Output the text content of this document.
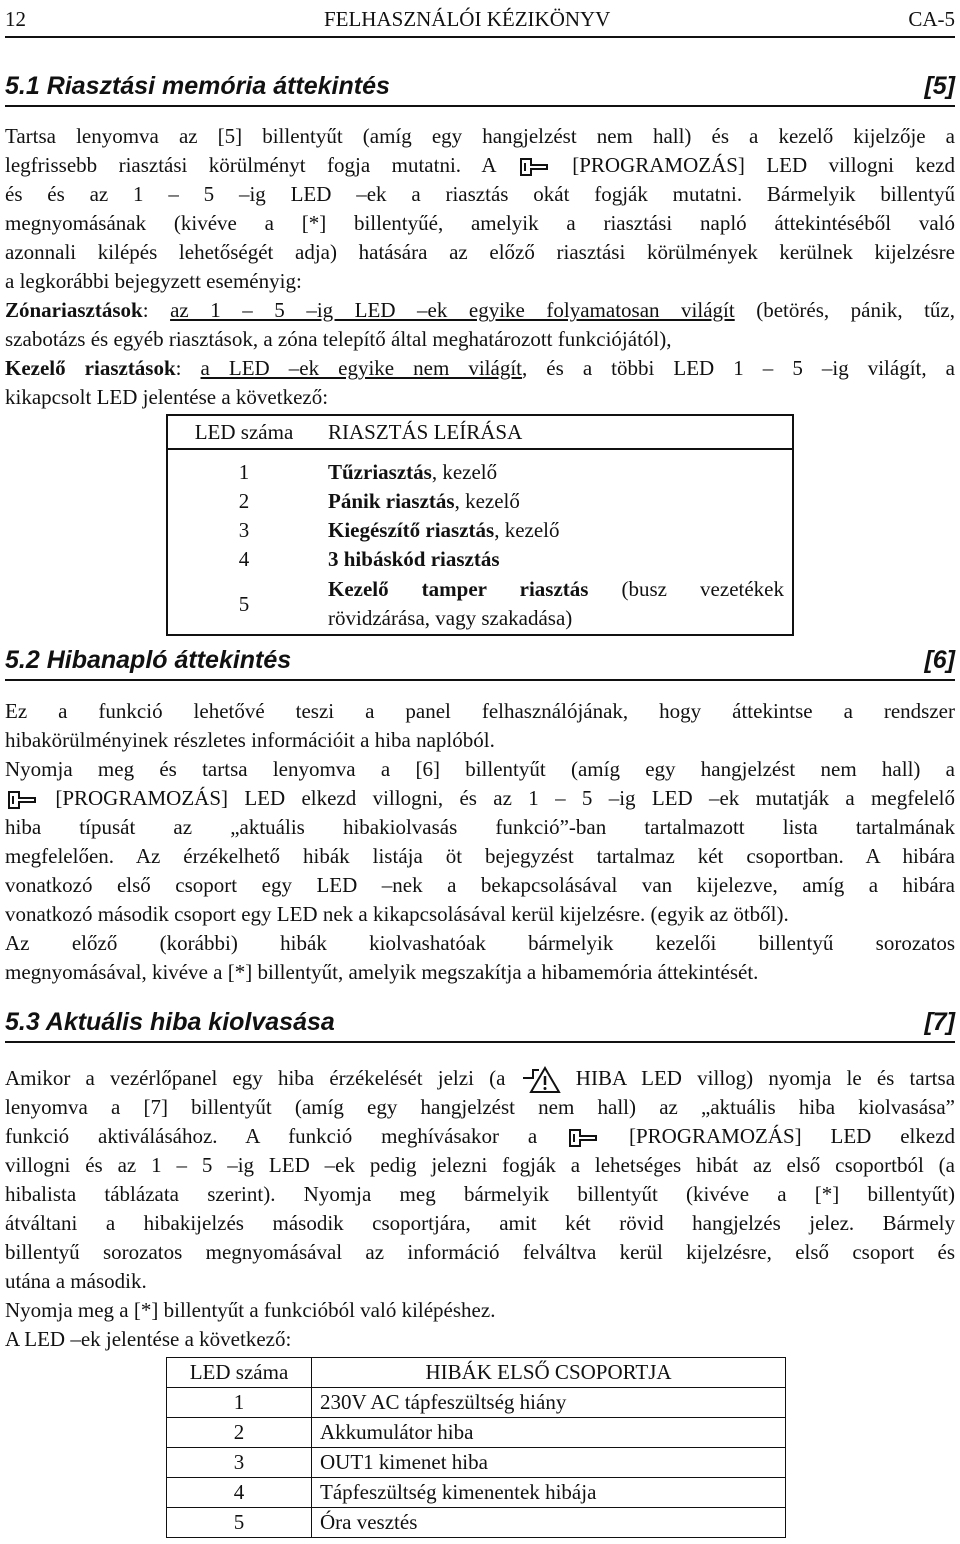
12	FELHASZNÁLÓI KÉZIKÖNYV	CA-5
5.1 Riasztási memória áttekintés	[5]
Tartsa lenyomva az [5] billentyűt (amíg egy hangjelzést nem hall) és a kezelő kijelzője a
legfrissebb riasztási körülményt fogja mutatni. A	[PROGRAMOZÁS] LED villogni kezd
és és az 1 – 5 –ig LED –ek a riasztás okát fogják mutatni. Bármelyik billentyű
megnyomásának (kivéve a [*] billentyűé, amelyik a riasztási napló áttekintéséből való
azonnali kilépés lehetőségét adja) hatására az előző riasztási körülmények kerülnek kijelzésre
a legkorábbi bejegyzett eseményig:
Zónariasztások: az 1 – 5 –ig LED –ek egyike folyamatosan világít (betörés, pánik, tűz,
szabotázs és egyéb riasztások, a zóna telepítő által meghatározott funkciójától),
Kezelő riasztások: a LED –ek egyike nem világít, és a többi LED 1 – 5 –ig világít, a
kikapcsolt LED jelentése a következő:
LED száma	RIASZTÁS LEÍRÁSA
1	Tűzriasztás, kezelő
2	Pánik riasztás, kezelő
3	Kiegészítő riasztás, kezelő
4	3 hibáskód riasztás
5	Kezelő tamper riasztás (busz vezetékek
rövidzárása, vagy szakadása)
5.2 Hibanapló áttekintés	[6]
Ez a funkció lehetővé teszi a panel felhasználójának, hogy áttekintse a rendszer
hibakörülményinek részletes információit a hiba naplóból.
Nyomja meg és tartsa lenyomva a [6] billentyűt (amíg egy hangjelzést nem hall) a
[PROGRAMOZÁS] LED elkezd villogni, és az 1 – 5 –ig LED –ek mutatják a megfelelő
hiba típusát az „aktuális hibakiolvasás funkció”-ban tartalmazott lista tartalmának
megfelelően. Az érzékelhető hibák listája öt bejegyzést tartalmaz két csoportban. A hibára
vonatkozó első csoport egy LED –nek a bekapcsolásával van kijelezve, amíg a hibára
vonatkozó második csoport egy LED nek a kikapcsolásával kerül kijelzésre. (egyik az ötből).
Az előző (korábbi) hibák kiolvashatóak bármelyik kezelői billentyű sorozatos
megnyomásával, kivéve a [*] billentyűt, amelyik megszakítja a hibamemória áttekintését.
5.3 Aktuális hiba kiolvasása	[7]
Amikor a vezérlőpanel egy hiba érzékelését jelzi (a	HIBA LED villog) nyomja le és tartsa
lenyomva a [7] billentyűt (amíg egy hangjelzést nem hall) az „aktuális hiba kiolvasása”
funkció aktiválásához. A funkció meghívásakor a	[PROGRAMOZÁS] LED elkezd
villogni és az 1 – 5 –ig LED –ek pedig jelezni fogják a lehetséges hibát az első csoportból (a
hibalista táblázata szerint). Nyomja meg bármelyik billentyűt (kivéve a [*] billentyűt)
átváltani a hibakijelzés második csoportjára, amit két rövid hangjelzés jelez. Bármely
billentyű sorozatos megnyomásával az információ felváltva kerül kijelzésre, első csoport és
utána a második.
Nyomja meg a [*] billentyűt a funkcióból való kilépéshez.
A LED –ek jelentése a következő:
LED száma	HIBÁK ELSŐ CSOPORTJA
1	230V AC tápfeszültség hiány
2	Akkumulátor hiba
3	OUT1 kimenet hiba
4	Tápfeszültség kimenentek hibája
5	Óra vesztés
